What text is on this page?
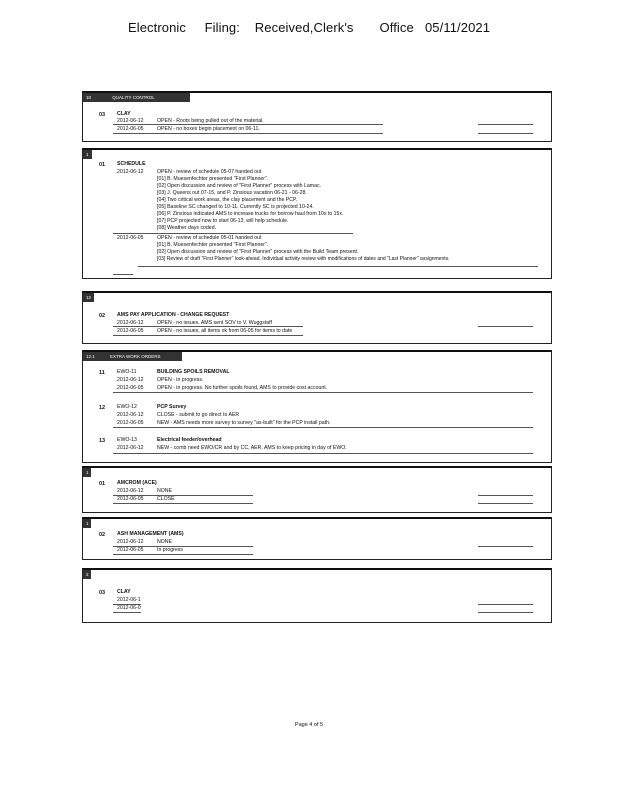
Electronic     Filing:    Received,Clerk's       Office   05/11/2021
10	QUALITY CONTROL
03 CLAY
2012-06-12	OPEN - Roots being pulled out of the material.
2012-06-05	OPEN - no boxes begin placement on 06-11.
1
01 SCHEDULE
2012-06-12	OPEN - review of schedule 05-07 handed out
[01] B. Muesenfechter presented "First Planner".
[02] Open discussion and review of "First Planner" process with Lamac.
[03] J. Queens out 07-15, and P. Zinsious vacation 06-21 - 06-28.
[04] Two critical work areas, the clay placement and the PCP.
[05] Baseline SC changed to 10-11. Currently SC is projected 10-24.
[06] P. Zinsious indicated AMS to increase trucks for borrow haul from 10x to 15x.
[07] PCP projected now to start 06-13, will help schedule.
[08] Weather days coded.
2012-06-05	OPEN - review of schedule 05-01 handed out
[01] B. Muesenfechter presented "First Planner".
[02] Open discussion and review of "First Planner" process with the Build Team present.
[03] Review of draft "First Planner" look-ahead. Individual activity review with modifications of dates and "Last Planner" assignments.
12
02 AMS PAY APPLICATION - CHANGE REQUEST
2012-06-12	OPEN - no issues. AMS sent SOV to V. Wuggstaff
2012-06-05	OPEN - no issues, all items ok from 06-05 for items to date
12.1	EXTRA WORK ORDERS
11 EWO-11	BUILDING SPOILS REMOVAL
2012-06-12	OPEN - in progress.
2012-06-05	OPEN - in progress. No further spoils found, AMS to provide cost account.
12 EWO-12	PCP Survey
2012-06-12	CLOSE - submit to go direct to AER
2012-06-05	NEW - AMS needs more survey to survey "as-built" for the PCP install path.
13 EWO-13	Electrical feeder/overhead
2012-06-12	NEW - comb need EWO/CR and by CC, AER, AMS to keep pricing in day of EWO.
1
01 AMCROM (ACE)
2012-06-12	NONE
2012-06-05	CLOSE
1
02 ASH MANAGEMENT (AMS)
2012-06-12	NONE
2012-06-05	In progress
2
03 CLAY
2012-06-1
2012-06-0
Page 4 of 5
